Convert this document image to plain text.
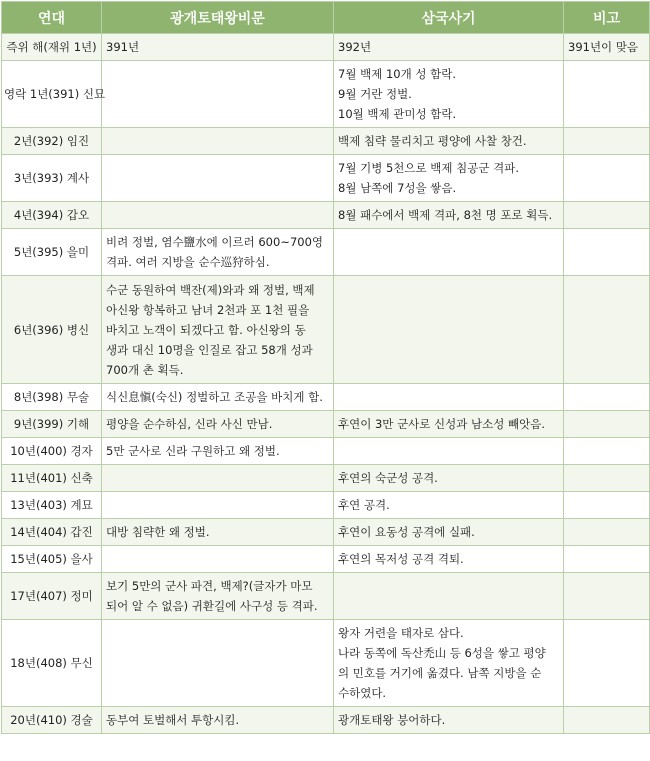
연대	광개토태왕비문	삼국사기	비고
즉위 해(재위 1년)	391년	392년	391년이 맞음
영락 1년(391) 신묘		7월 백제 10개 성 함락.
9월 거란 정벌.
10월 백제 관미성 함락.	

2년(392) 임진		백제 침략 물리치고 평양에 사찰 창건.	

3년(393) 계사		7월 기병 5천으로 백제 침공군 격파.
8월 남쪽에 7성을 쌓음.	

4년(394) 갑오		8월 패수에서 백제 격파, 8천 명 포로 획득.	

5년(395) 을미	비려 정벌, 염수鹽水에 이르러 600~700영
격파. 여러 지방을 순수巡狩하심.		

6년(396) 병신	수군 동원하여 백잔(제)와과 왜 정벌, 백제
아신왕 항복하고 남녀 2천과 포 1천 필을
바치고 노객이 되겠다고 함. 아신왕의 동
생과 대신 10명을 인질로 잡고 58개 성과
700개 촌 획득.		

8년(398) 무술	식신息愼(숙신) 정벌하고 조공을 바치게 함.		

9년(399) 기해	평양을 순수하심, 신라 사신 만남.	후연이 3만 군사로 신성과 남소성 빼앗음.	

10년(400) 경자	5만 군사로 신라 구원하고 왜 정벌.		

11년(401) 신축		후연의 숙군성 공격.	

13년(403) 계묘		후연 공격.	

14년(404) 갑진	대방 침략한 왜 정벌.	후연이 요동성 공격에 실패.	

15년(405) 을사		후연의 목저성 공격 격퇴.	

17년(407) 정미	보기 5만의 군사 파견, 백제?(글자가 마모
되어 알 수 없음) 귀환길에 사구성 등 격파.		

18년(408) 무신		왕자 거련을 태자로 삼다.
나라 동쪽에 독산禿山 등 6성을 쌓고 평양
의 민호를 거기에 옮겼다. 남쪽 지방을 순
수하였다.	

20년(410) 경술	동부여 토벌해서 투항시킴.	광개토태왕 붕어하다.	
